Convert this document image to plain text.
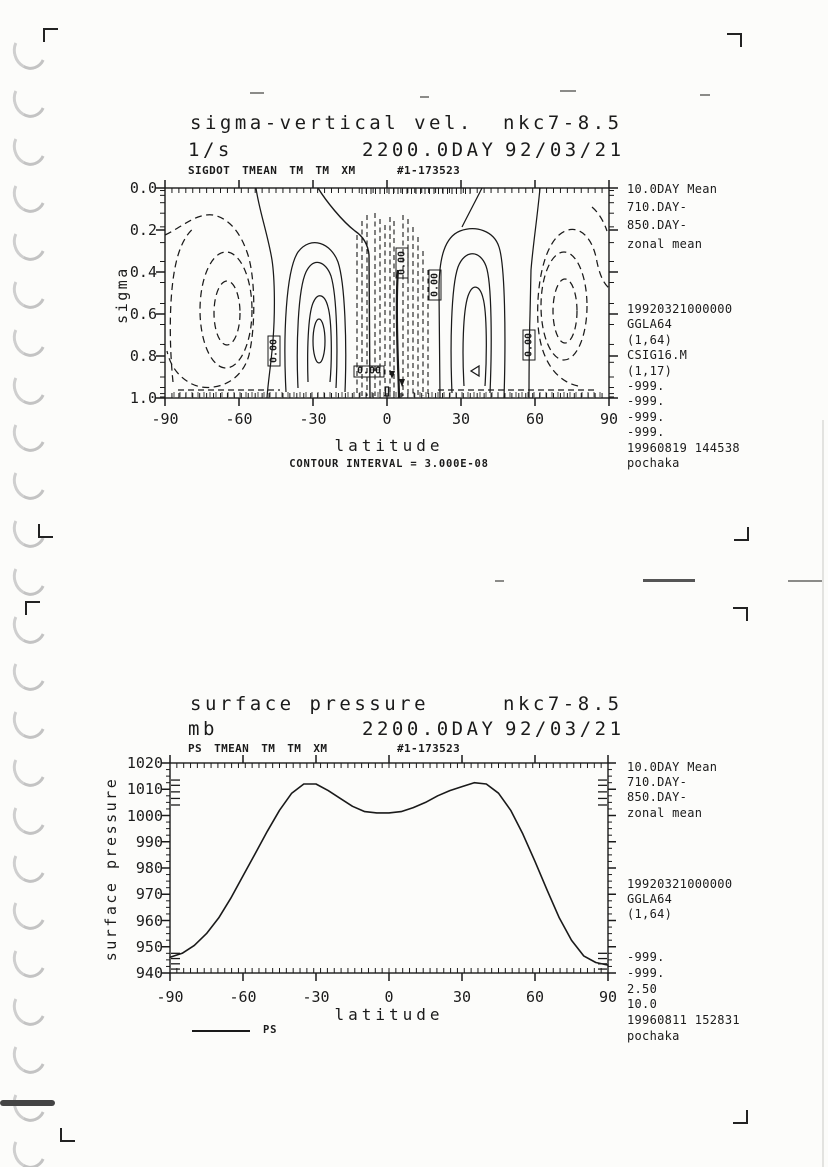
sigma-vertical vel. nkc7-8.5
1/s	2200.0DAY 92/03/21
SIGDOT TMEAN TM TM XM	#1-173523
sigma
latitude
CONTOUR INTERVAL = 3.000E-08
0.00
0.00
0.00
0.00
0.00
10.0DAY Mean
710.DAY-
850.DAY-
zonal mean
19920321000000
GGLA64
(1,64)
CSIG16.M
(1,17)
-999.
-999.
-999.
-999.
19960819 144538
pochaka
surface pressure	nkc7-8.5
mb	2200.0DAY 92/03/21
PS TMEAN TM TM XM	#1-173523
surface pressure
latitude
PS
10.0DAY Mean
710.DAY-
850.DAY-
zonal mean
19920321000000
GGLA64
(1,64)
-999.
-999.
2.50
10.0
19960811 152831
pochaka
0.0
0.2
0.4
0.6
0.8
1.0
-90	-60	-30	0	30	60	90
1020
1010
1000
990
980
970
960
950
940
-90	-60	-30	0	30	60	90
